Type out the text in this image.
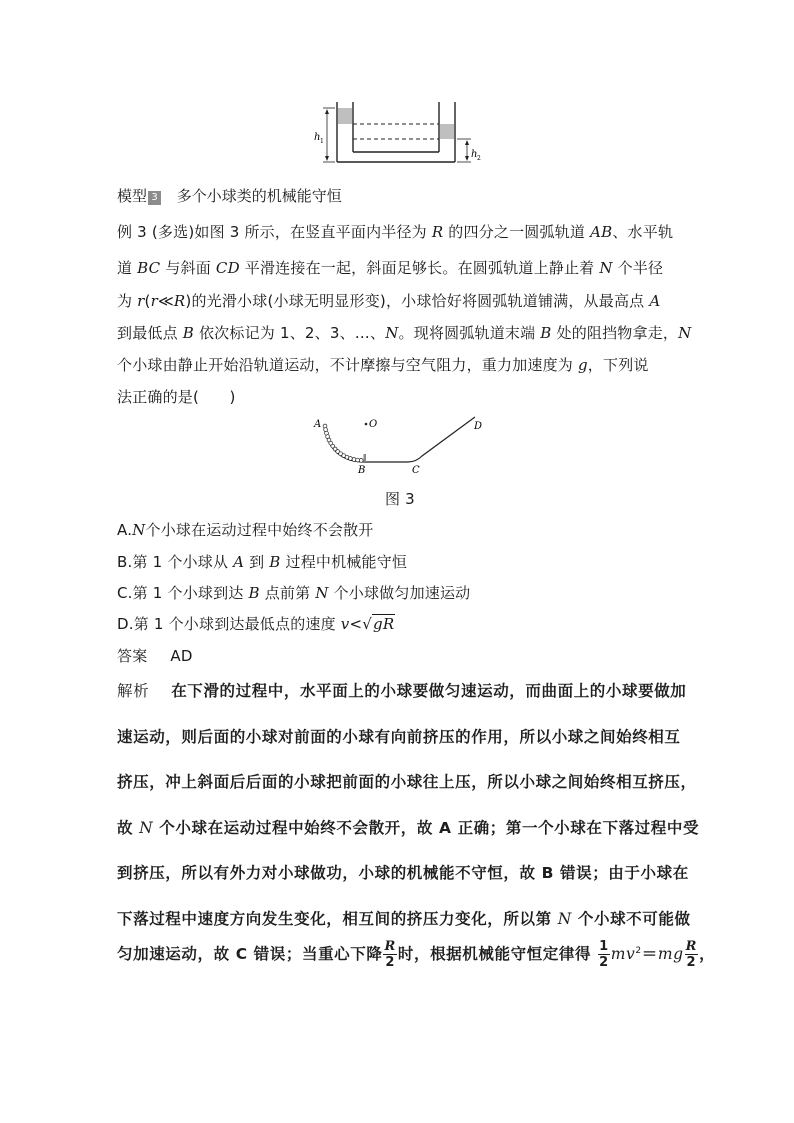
h 1
h 2
模型 3 多个小球类的机械能守恒
例 3 (多选)如图 3 所示，在竖直平面内半径为 R 的四分之一圆弧轨道 AB、水平轨
道 BC 与斜面 CD 平滑连接在一起，斜面足够长。在圆弧轨道上静止着 N 个半径
为 r(r≪R)的光滑小球(小球无明显形变)，小球恰好将圆弧轨道铺满，从最高点 A
到最低点 B 依次标记为 1、2、3、…、N。现将圆弧轨道末端 B 处的阻挡物拿走，N
个小球由静止开始沿轨道运动，不计摩擦与空气阻力，重力加速度为 g，下列说
法正确的是(　　)
O
A
B	C
D
图 3
A.N个小球在运动过程中始终不会散开
B.第 1 个小球从 A 到 B 过程中机械能守恒
C.第 1 个小球到达 B 点前第 N 个小球做匀加速运动
D.第 1 个小球到达最低点的速度 v<√gR
答案 AD
解析 在下滑的过程中，水平面上的小球要做匀速运动，而曲面上的小球要做加
速运动，则后面的小球对前面的小球有向前挤压的作用，所以小球之间始终相互
挤压，冲上斜面后后面的小球把前面的小球往上压，所以小球之间始终相互挤压，
故 N 个小球在运动过程中始终不会散开，故 A 正确；第一个小球在下落过程中受
到挤压，所以有外力对小球做功，小球的机械能不守恒，故 B 错误；由于小球在
下落过程中速度方向发生变化，相互间的挤压力变化，所以第 N 个小球不可能做
匀加速运动，故 C 错误；当重心下降 $\frac{R}{2}$ 时，根据机械能守恒定律得 $\frac{1}{2} mv^2=mg \frac{R}{2}$ ，
